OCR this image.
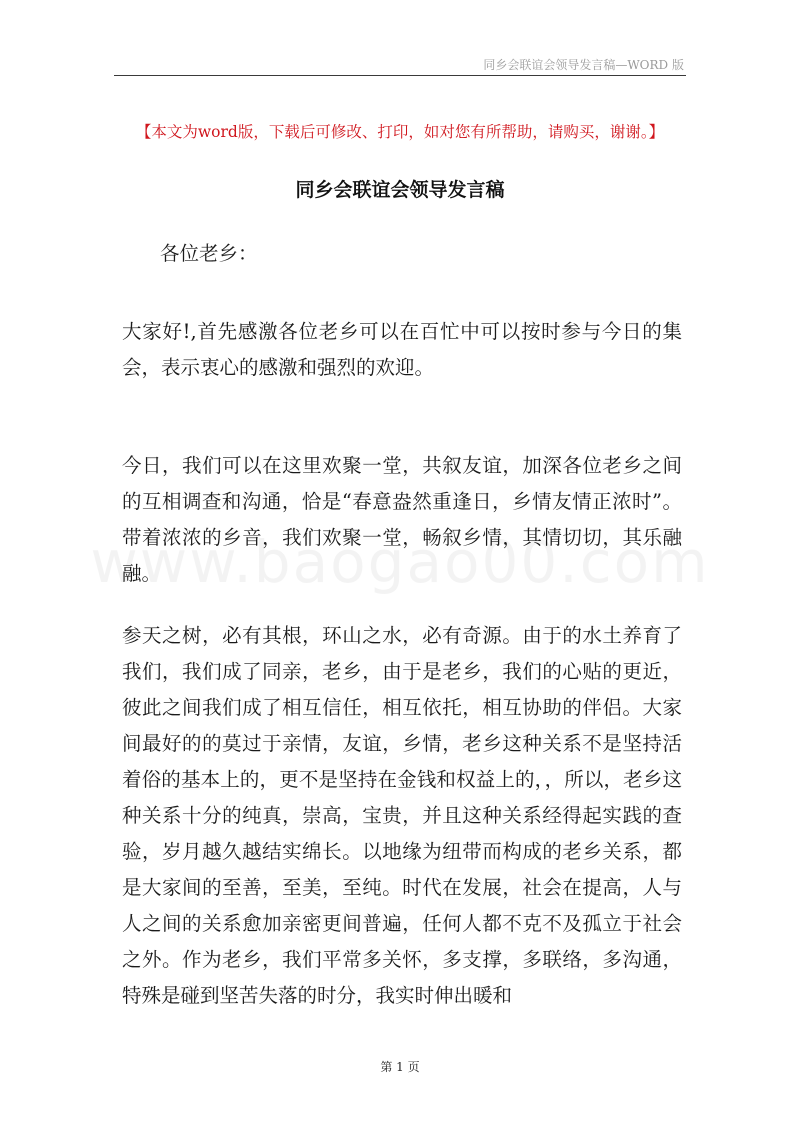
同乡会联谊会领导发言稿—WORD 版
【本文为word版，下载后可修改、打印，如对您有所帮助，请购买，谢谢。】
同乡会联谊会领导发言稿
各位老乡：
大家好!,首先感激各位老乡可以在百忙中可以按时参与今日的集会，表示衷心的感激和强烈的欢迎。
今日，我们可以在这里欢聚一堂，共叙友谊，加深各位老乡之间的互相调查和沟通，恰是“春意盎然重逢日，乡情友情正浓时”。带着浓浓的乡音，我们欢聚一堂，畅叙乡情，其情切切，其乐融融。
参天之树，必有其根，环山之水，必有奇源。由于的水土养育了我们，我们成了同亲，老乡，由于是老乡，我们的心贴的更近，彼此之间我们成了相互信任，相互依托，相互协助的伴侣。大家间最好的的莫过于亲情，友谊，乡情，老乡这种关系不是坚持活着俗的基本上的，更不是坚持在金钱和权益上的，，所以，老乡这种关系十分的纯真，崇高，宝贵，并且这种关系经得起实践的查验，岁月越久越结实绵长。以地缘为纽带而构成的老乡关系，都是大家间的至善，至美，至纯。时代在发展，社会在提高，人与人之间的关系愈加亲密更间普遍，任何人都不克不及孤立于社会之外。作为老乡，我们平常多关怀，多支撑，多联络，多沟通，特殊是碰到坚苦失落的时分，我实时伸出暖和
第 1 页
